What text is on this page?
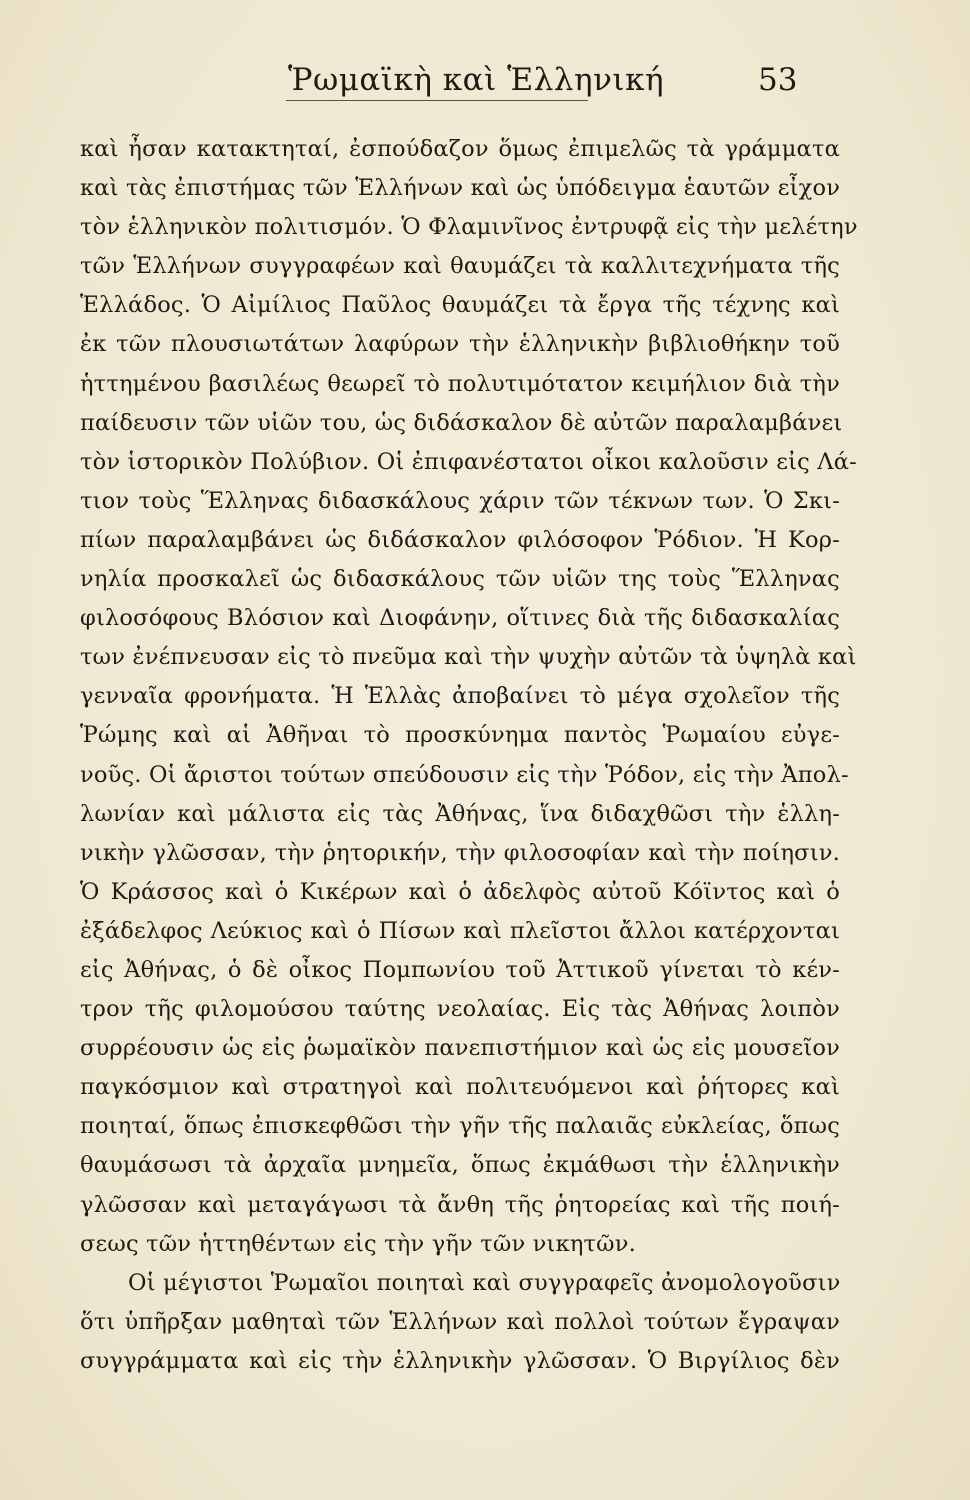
Ῥωμαϊκὴ καὶ Ἑλληνική	53
καὶ ἦσαν κατακτηταί, ἐσπούδαζον ὅμως ἐπιμελῶς τὰ γράμματα
καὶ τὰς ἐπιστήμας τῶν Ἑλλήνων καὶ ὡς ὑπόδειγμα ἑαυτῶν εἶχον
τὸν ἑλληνικὸν πολιτισμόν. Ὁ Φλαμινῖνος ἐντρυφᾷ εἰς τὴν μελέτην
τῶν Ἑλλήνων συγγραφέων καὶ θαυμάζει τὰ καλλιτεχνήματα τῆς
Ἑλλάδος. Ὁ Αἰμίλιος Παῦλος θαυμάζει τὰ ἔργα τῆς τέχνης καὶ
ἐκ τῶν πλουσιωτάτων λαφύρων τὴν ἑλληνικὴν βιβλιοθήκην τοῦ
ἡττημένου βασιλέως θεωρεῖ τὸ πολυτιμότατον κειμήλιον διὰ τὴν
παίδευσιν τῶν υἱῶν του, ὡς διδάσκαλον δὲ αὐτῶν παραλαμβάνει
τὸν ἱστορικὸν Πολύβιον. Οἱ ἐπιφανέστατοι οἶκοι καλοῦσιν εἰς Λά-
τιον τοὺς Ἕλληνας διδασκάλους χάριν τῶν τέκνων των. Ὁ Σκι-
πίων παραλαμβάνει ὡς διδάσκαλον φιλόσοφον Ῥόδιον. Ἡ Κορ-
νηλία προσκαλεῖ ὡς διδασκάλους τῶν υἱῶν της τοὺς Ἕλληνας
φιλοσόφους Βλόσιον καὶ Διοφάνην, οἵτινες διὰ τῆς διδασκαλίας
των ἐνέπνευσαν εἰς τὸ πνεῦμα καὶ τὴν ψυχὴν αὐτῶν τὰ ὑψηλὰ καὶ
γενναῖα φρονήματα. Ἡ Ἑλλὰς ἀποβαίνει τὸ μέγα σχολεῖον τῆς
Ῥώμης καὶ αἱ Ἀθῆναι τὸ προσκύνημα παντὸς Ῥωμαίου εὐγε-
νοῦς. Οἱ ἄριστοι τούτων σπεύδουσιν εἰς τὴν Ῥόδον, εἰς τὴν Ἀπολ-
λωνίαν καὶ μάλιστα εἰς τὰς Ἀθήνας, ἵνα διδαχθῶσι τὴν ἑλλη-
νικὴν γλῶσσαν, τὴν ῥητορικήν, τὴν φιλοσοφίαν καὶ τὴν ποίησιν.
Ὁ Κράσσος καὶ ὁ Κικέρων καὶ ὁ ἀδελφὸς αὐτοῦ Κόϊντος καὶ ὁ
ἐξάδελφος Λεύκιος καὶ ὁ Πίσων καὶ πλεῖστοι ἄλλοι κατέρχονται
εἰς Ἀθήνας, ὁ δὲ οἶκος Πομπωνίου τοῦ Ἀττικοῦ γίνεται τὸ κέν-
τρον τῆς φιλομούσου ταύτης νεολαίας. Εἰς τὰς Ἀθήνας λοιπὸν
συρρέουσιν ὡς εἰς ῥωμαϊκὸν πανεπιστήμιον καὶ ὡς εἰς μουσεῖον
παγκόσμιον καὶ στρατηγοὶ καὶ πολιτευόμενοι καὶ ῥήτορες καὶ
ποιηταί, ὅπως ἐπισκεφθῶσι τὴν γῆν τῆς παλαιᾶς εὐκλείας, ὅπως
θαυμάσωσι τὰ ἀρχαῖα μνημεῖα, ὅπως ἐκμάθωσι τὴν ἑλληνικὴν
γλῶσσαν καὶ μεταγάγωσι τὰ ἄνθη τῆς ῥητορείας καὶ τῆς ποιή-
σεως τῶν ἡττηθέντων εἰς τὴν γῆν τῶν νικητῶν.
Οἱ μέγιστοι Ῥωμαῖοι ποιηταὶ καὶ συγγραφεῖς ἀνομολογοῦσιν
ὅτι ὑπῆρξαν μαθηταὶ τῶν Ἑλλήνων καὶ πολλοὶ τούτων ἔγραψαν
συγγράμματα καὶ εἰς τὴν ἑλληνικὴν γλῶσσαν. Ὁ Βιργίλιος δὲν
